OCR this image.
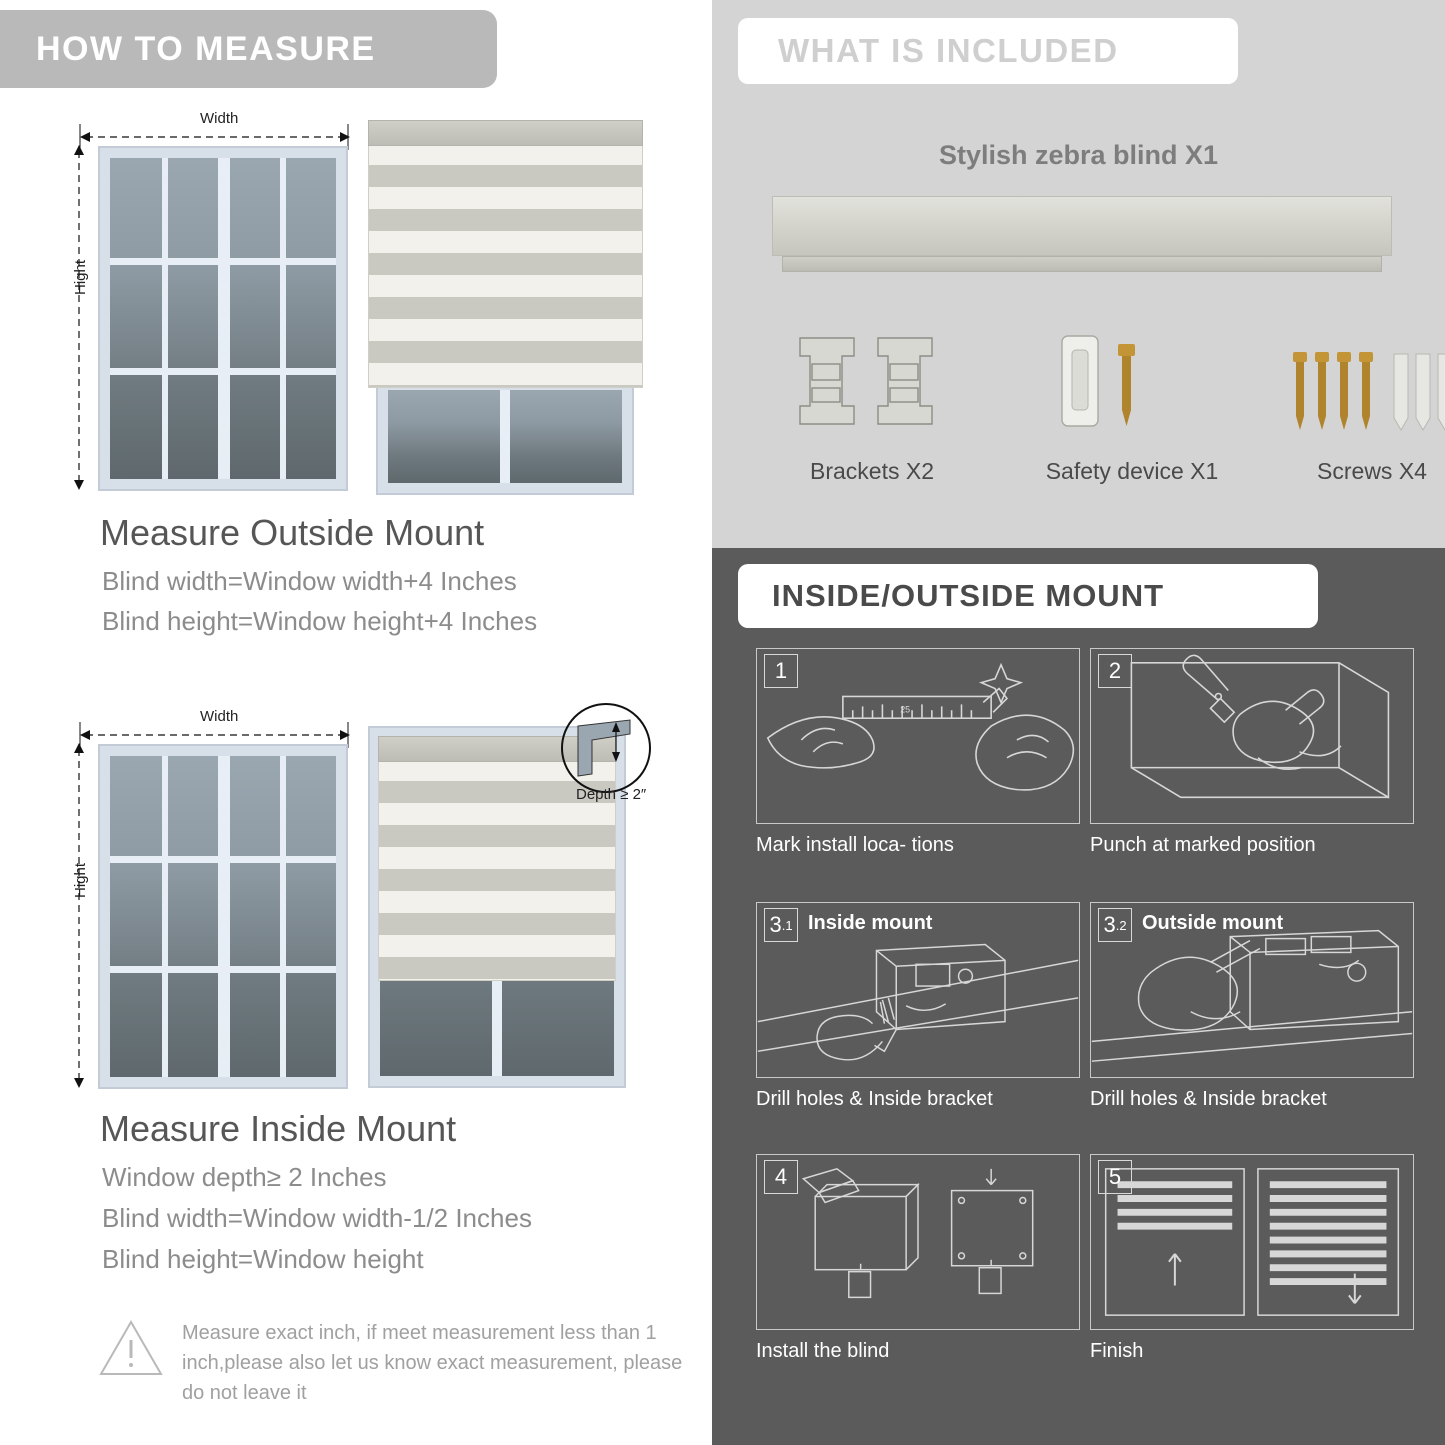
HOW TO MEASURE
Width
Hight
Measure Outside Mount
Blind width=Window width+4 Inches
Blind height=Window height+4 Inches
Width
Hight
Depth ≥ 2″
Measure Inside Mount
Window depth≥ 2 Inches
Blind width=Window width-1/2 Inches
Blind height=Window height
Measure exact inch, if meet measurement less than 1 inch,please also let us know exact measurement, please do not leave it
WHAT IS INCLUDED
Stylish zebra blind X1
Brackets X2	Safety device X1	Screws X4
INSIDE/OUTSIDE MOUNT
25
1
Mark install loca- tions
2
Punch at marked position
3 .1 Inside mount
Drill holes & Inside bracket
3 .2 Outside mount
Drill holes & Inside bracket
4
Install the blind
5
Finish
